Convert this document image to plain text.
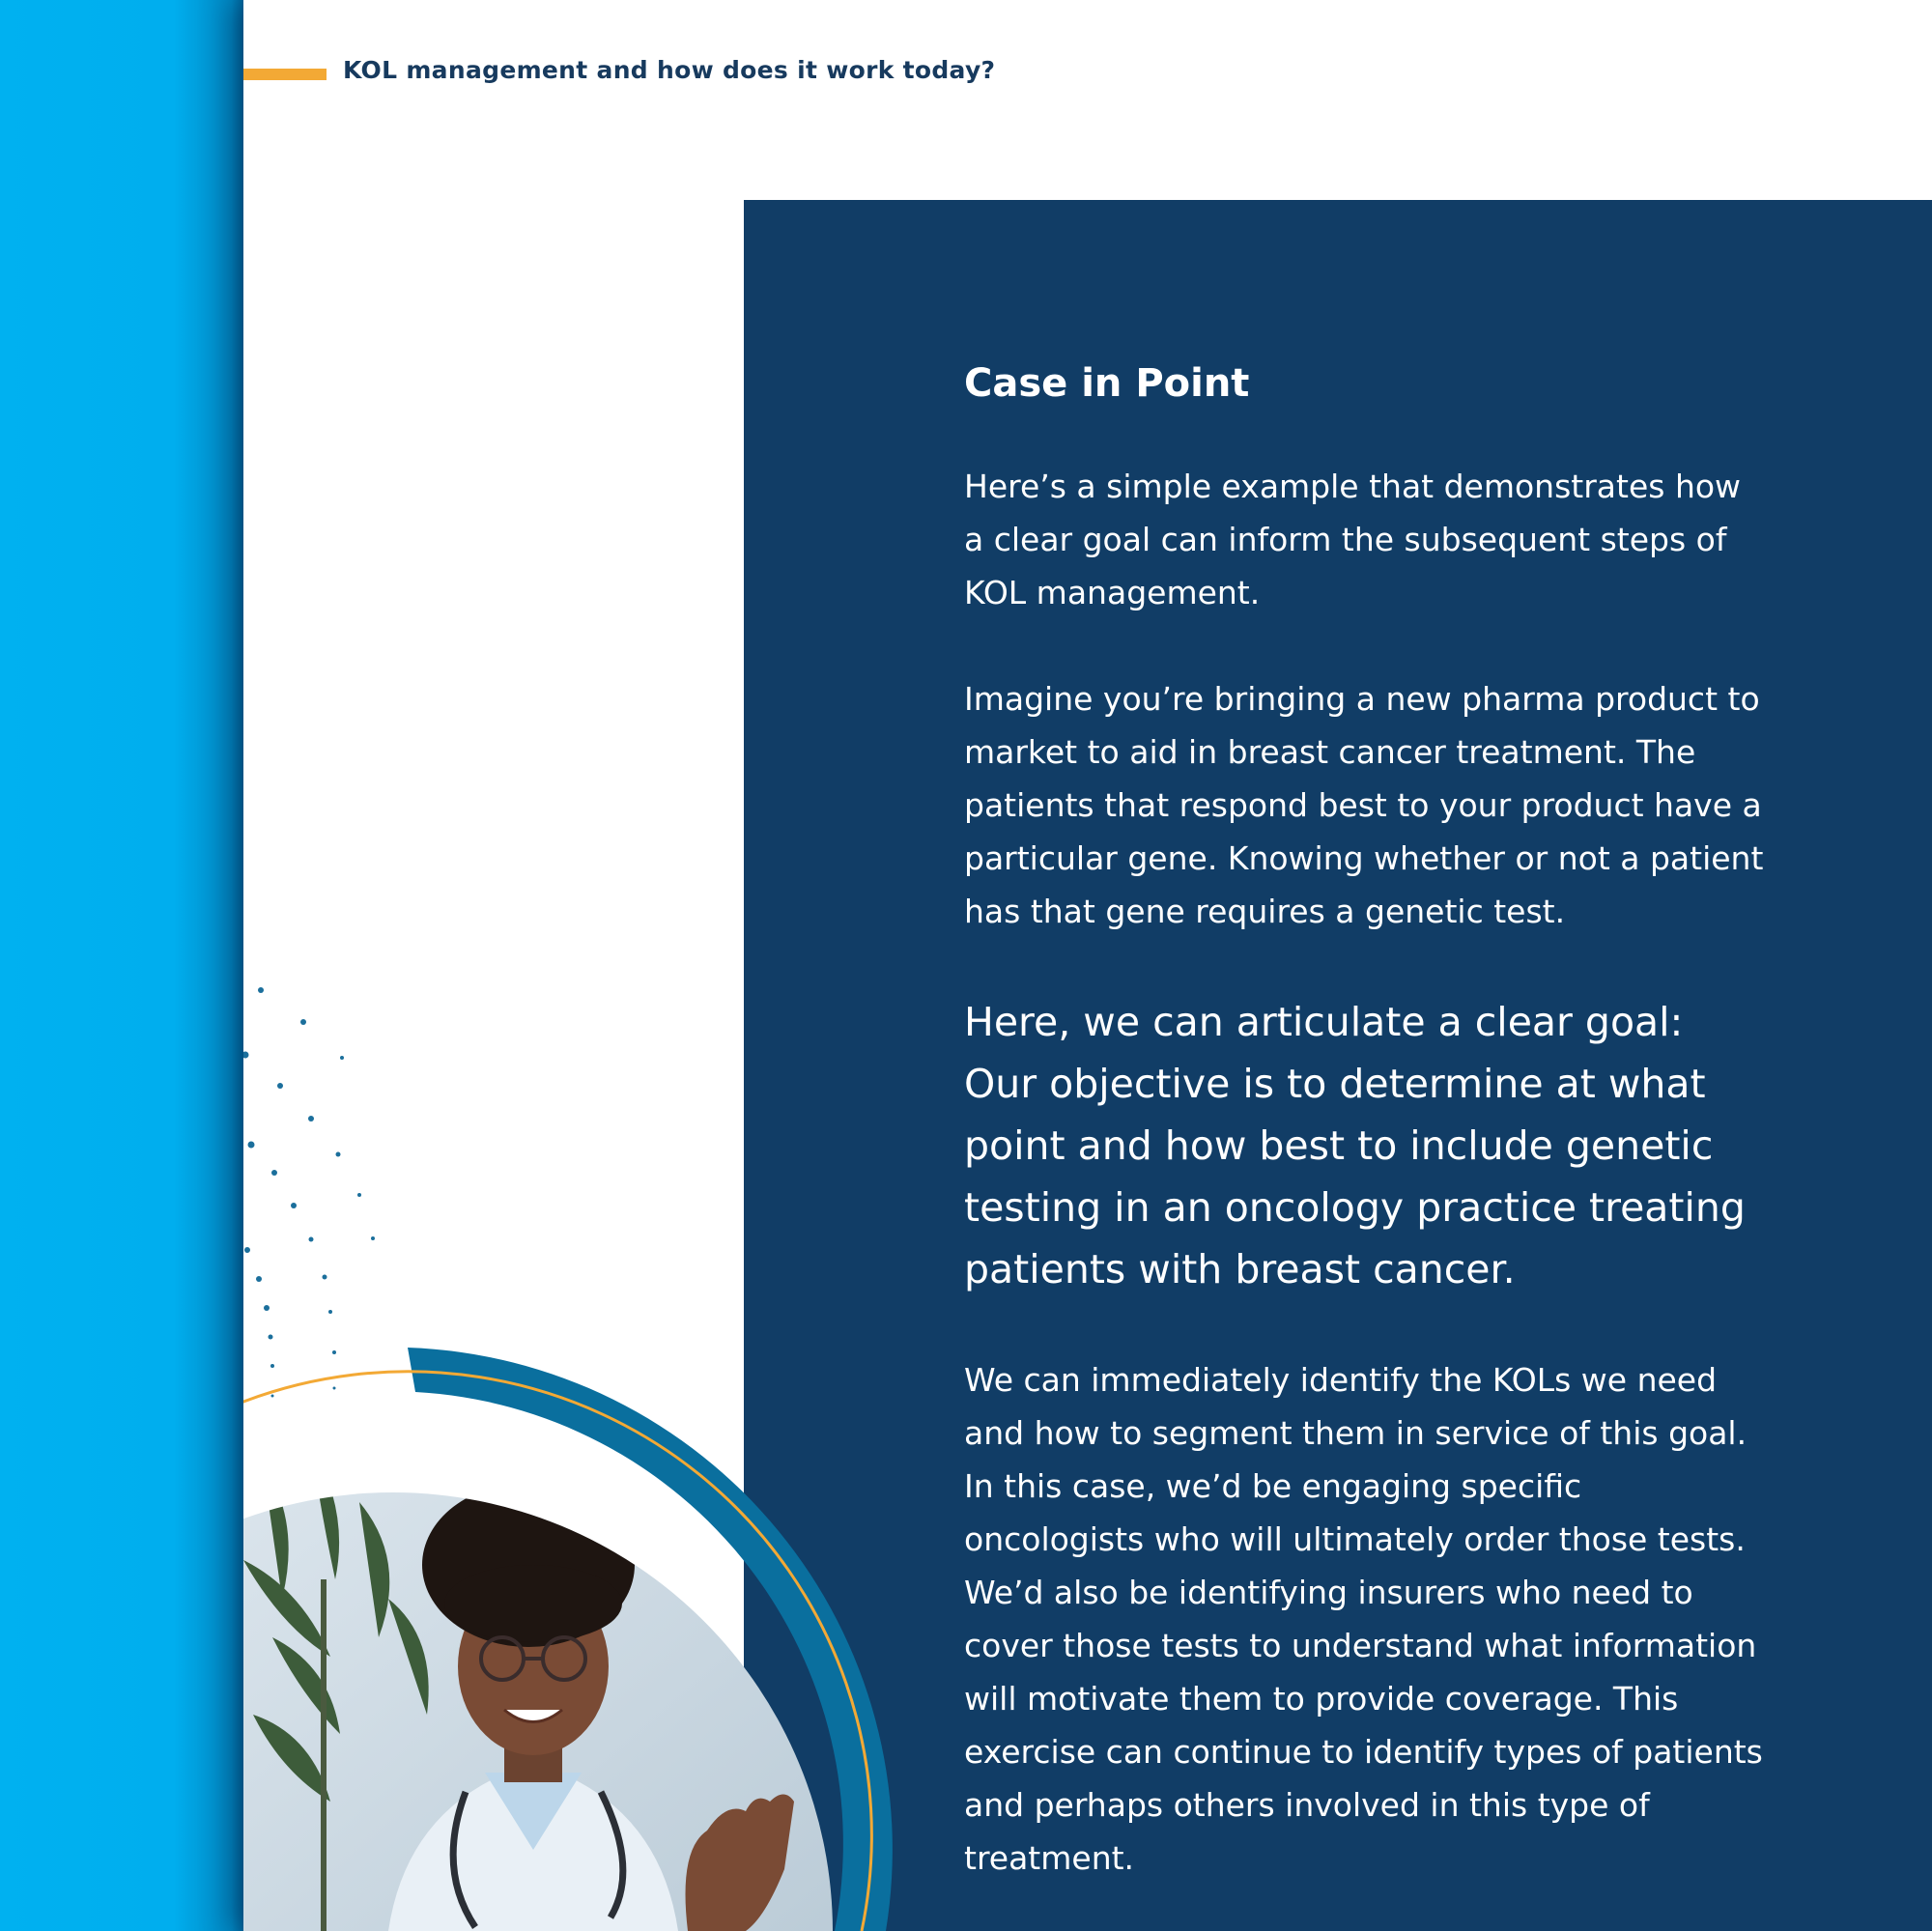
KOL management and how does it work today?
Case in Point

Here’s a simple example that demonstrates how a clear goal can inform the subsequent steps of KOL management.

Imagine you’re bringing a new pharma product to market to aid in breast cancer treatment. The patients that respond best to your product have a particular gene. Knowing whether or not a patient has that gene requires a genetic test.

Here, we can articulate a clear goal: Our objective is to determine at what point and how best to include genetic testing in an oncology practice treating patients with breast cancer.

We can immediately identify the KOLs we need and how to segment them in service of this goal. In this case, we’d be engaging specific oncologists who will ultimately order those tests. We’d also be identifying insurers who need to cover those tests to understand what information will motivate them to provide coverage. This exercise can continue to identify types of patients and perhaps others involved in this type of treatment.
